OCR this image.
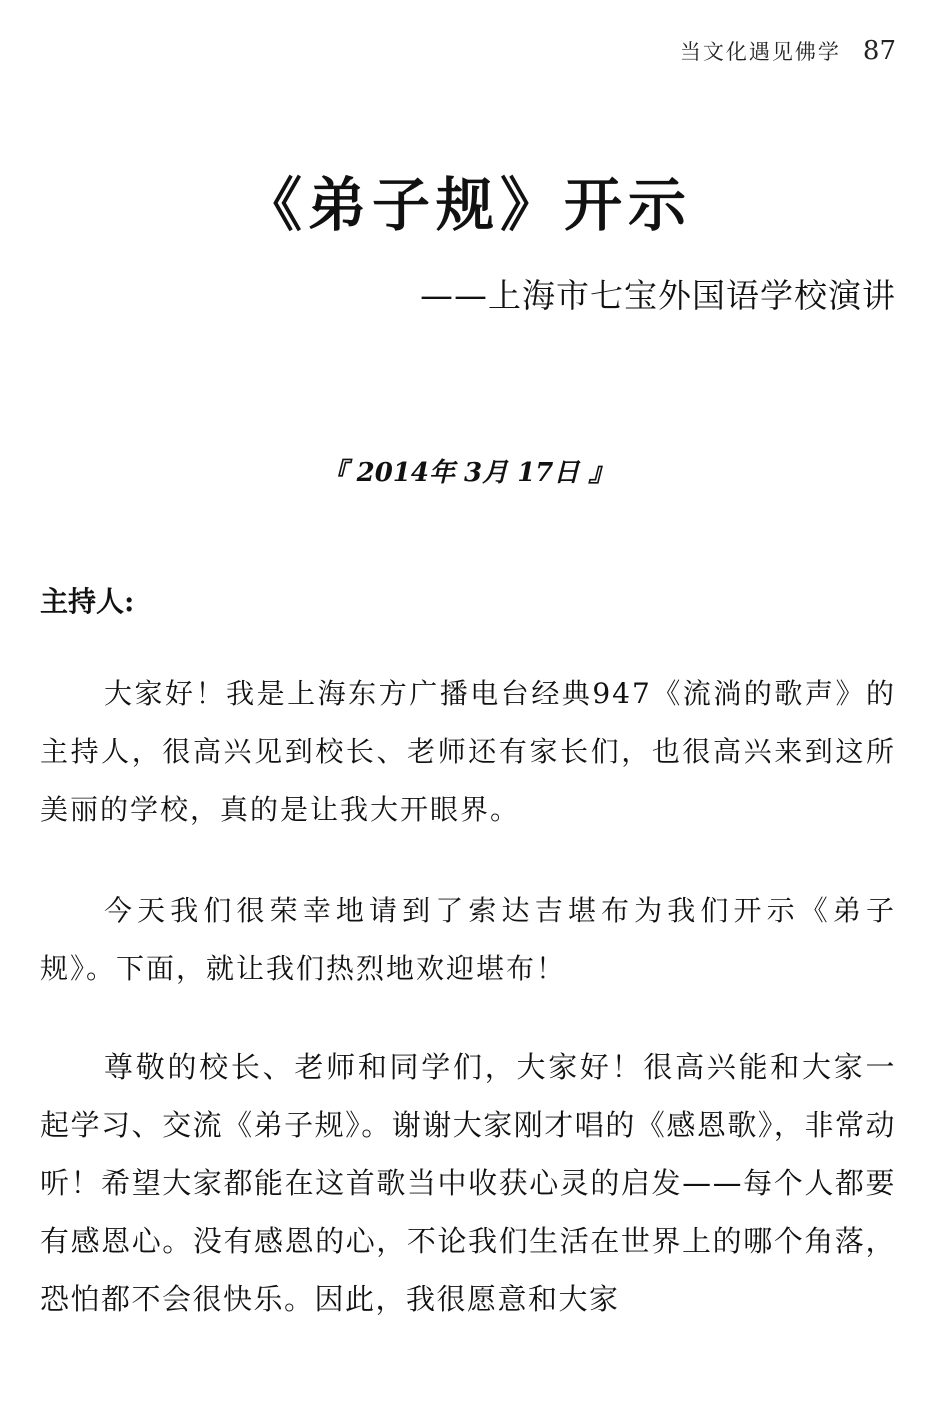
当文化遇见佛学 87
《弟子规》开示
——上海市七宝外国语学校演讲
『 2014年 3月 17日 』
主持人:

大家好！我是上海东方广播电台经典947《流淌的歌声》的主持人，很高兴见到校长、老师还有家长们，也很高兴来到这所美丽的学校，真的是让我大开眼界。

今天我们很荣幸地请到了索达吉堪布为我们开示《弟子规》。下面，就让我们热烈地欢迎堪布！

尊敬的校长、老师和同学们，大家好！很高兴能和大家一起学习、交流《弟子规》。谢谢大家刚才唱的《感恩歌》，非常动听！希望大家都能在这首歌当中收获心灵的启发——每个人都要有感恩心。没有感恩的心，不论我们生活在世界上的哪个角落，恐怕都不会很快乐。因此，我很愿意和大家
